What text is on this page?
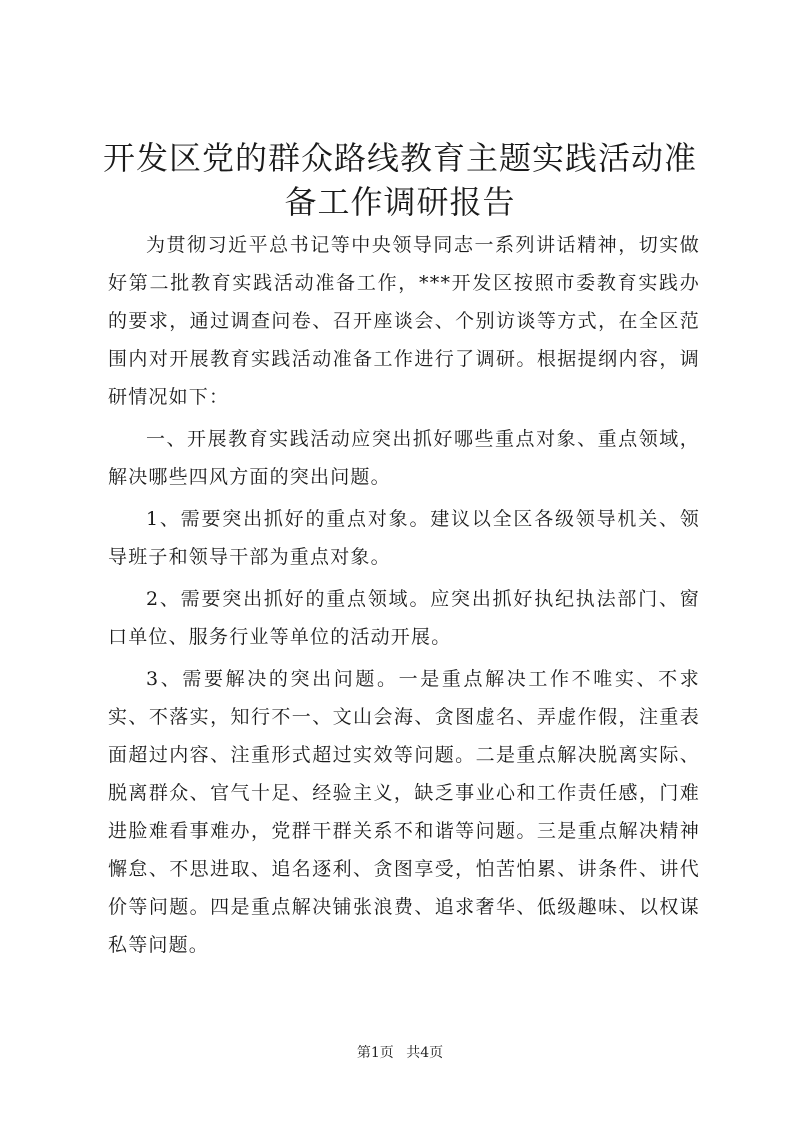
开发区党的群众路线教育主题实践活动准备工作调研报告

为贯彻习近平总书记等中央领导同志一系列讲话精神，切实做好第二批教育实践活动准备工作，***开发区按照市委教育实践办的要求，通过调查问卷、召开座谈会、个别访谈等方式，在全区范围内对开展教育实践活动准备工作进行了调研。根据提纲内容，调研情况如下：

一、开展教育实践活动应突出抓好哪些重点对象、重点领域，解决哪些四风方面的突出问题。

1、需要突出抓好的重点对象。建议以全区各级领导机关、领导班子和领导干部为重点对象。

2、需要突出抓好的重点领域。应突出抓好执纪执法部门、窗口单位、服务行业等单位的活动开展。

3、需要解决的突出问题。一是重点解决工作不唯实、不求实、不落实，知行不一、文山会海、贪图虚名、弄虚作假，注重表面超过内容、注重形式超过实效等问题。二是重点解决脱离实际、脱离群众、官气十足、经验主义，缺乏事业心和工作责任感，门难进脸难看事难办，党群干群关系不和谐等问题。三是重点解决精神懈怠、不思进取、追名逐利、贪图享受，怕苦怕累、讲条件、讲代价等问题。四是重点解决铺张浪费、追求奢华、低级趣味、以权谋私等问题。

第1页 共4页
